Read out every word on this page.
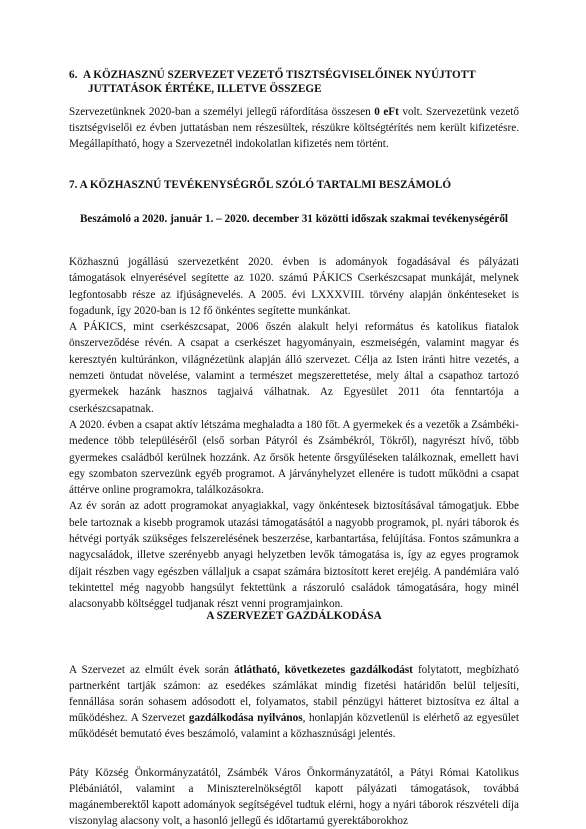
6. A KÖZHASZNÚ SZERVEZET VEZETŐ TISZTSÉGVISELŐINEK NYÚJTOTT JUTTATÁSOK ÉRTÉKE, ILLETVE ÖSSZEGE
Szervezetünknek 2020-ban a személyi jellegű ráfordítása összesen 0 eFt volt. Szervezetünk vezető tisztségviselői ez évben juttatásban nem részesültek, részükre költségtérítés nem került kifizetésre. Megállapítható, hogy a Szervezetnél indokolatlan kifizetés nem történt.
7. A KÖZHASZNÚ TEVÉKENYSÉGRŐL SZÓLÓ TARTALMI BESZÁMOLÓ
Beszámoló a 2020. január 1. – 2020. december 31 közötti időszak szakmai tevékenységéről

Közhasznú jogállású szervezetként 2020. évben is adományok fogadásával és pályázati támogatások elnyerésével segítette az 1020. számú PÁKICS Cserkészcsapat munkáját, melynek legfontosabb része az ifjúságnevelés. A 2005. évi LXXXVIII. törvény alapján önkénteseket is fogadunk, így 2020-ban is 12 fő önkéntes segítette munkánkat.

A PÁKICS, mint cserkészcsapat, 2006 őszén alakult helyi református és katolikus fiatalok önszerveződése révén. A csapat a cserkészet hagyományain, eszmeiségén, valamint magyar és keresztyén kultúránkon, világnézetünk alapján álló szervezet. Célja az Isten iránti hitre vezetés, a nemzeti öntudat növelése, valamint a természet megszerettetése, mely által a csapathoz tartozó gyermekek hazánk hasznos tagjaivá válhatnak. Az Egyesület 2011 óta fenntartója a cserkészcsapatnak.

A 2020. évben a csapat aktív létszáma meghaladta a 180 főt. A gyermekek és a vezetők a Zsámbéki-medence több településéről (első sorban Pátyról és Zsámbékról, Tökről), nagyrészt hívő, több gyermekes családból kerülnek hozzánk. Az őrsök hetente őrsgyűléseken találkoznak, emellett havi egy szombaton szervezünk egyéb programot. A járványhelyzet ellenére is tudott működni a csapat áttérve online programokra, találkozásokra.

Az év során az adott programokat anyagiakkal, vagy önkéntesek biztosításával támogatjuk. Ebbe bele tartoznak a kisebb programok utazási támogatásától a nagyobb programok, pl. nyári táborok és hétvégi portyák szükséges felszerelésének beszerzése, karbantartása, felújítása. Fontos számunkra a nagycsaládok, illetve szerényebb anyagi helyzetben levők támogatása is, így az egyes programok díjait részben vagy egészben vállaljuk a csapat számára biztosított keret erejéig. A pandémiára való tekintettel még nagyobb hangsúlyt fektettünk a rászoruló családok támogatására, hogy minél alacsonyabb költséggel tudjanak részt venni programjainkon.

A SZERVEZET GAZDÁLKODÁSA
A Szervezet az elmúlt évek során átlátható, következetes gazdálkodást folytatott, megbízható partnerként tartják számon: az esedékes számlákat mindig fizetési határidőn belül teljesíti, fennállása során sohasem adósodott el, folyamatos, stabil pénzügyi hátteret biztosítva ez által a működéshez. A Szervezet gazdálkodása nyilvános, honlapján közvetlenül is elérhető az egyesület működését bemutató éves beszámoló, valamint a közhasznúsági jelentés.
Páty Község Önkormányzatától, Zsámbék Város Önkormányzatától, a Pátyi Római Katolikus Plébániától, valamint a Miniszterelnökségtől kapott pályázati támogatások, továbbá magánemberektől kapott adományok segítségével tudtuk elérni, hogy a nyári táborok részvételi díja viszonylag alacsony volt, a hasonló jellegű és időtartamú gyerektáborokhoz
